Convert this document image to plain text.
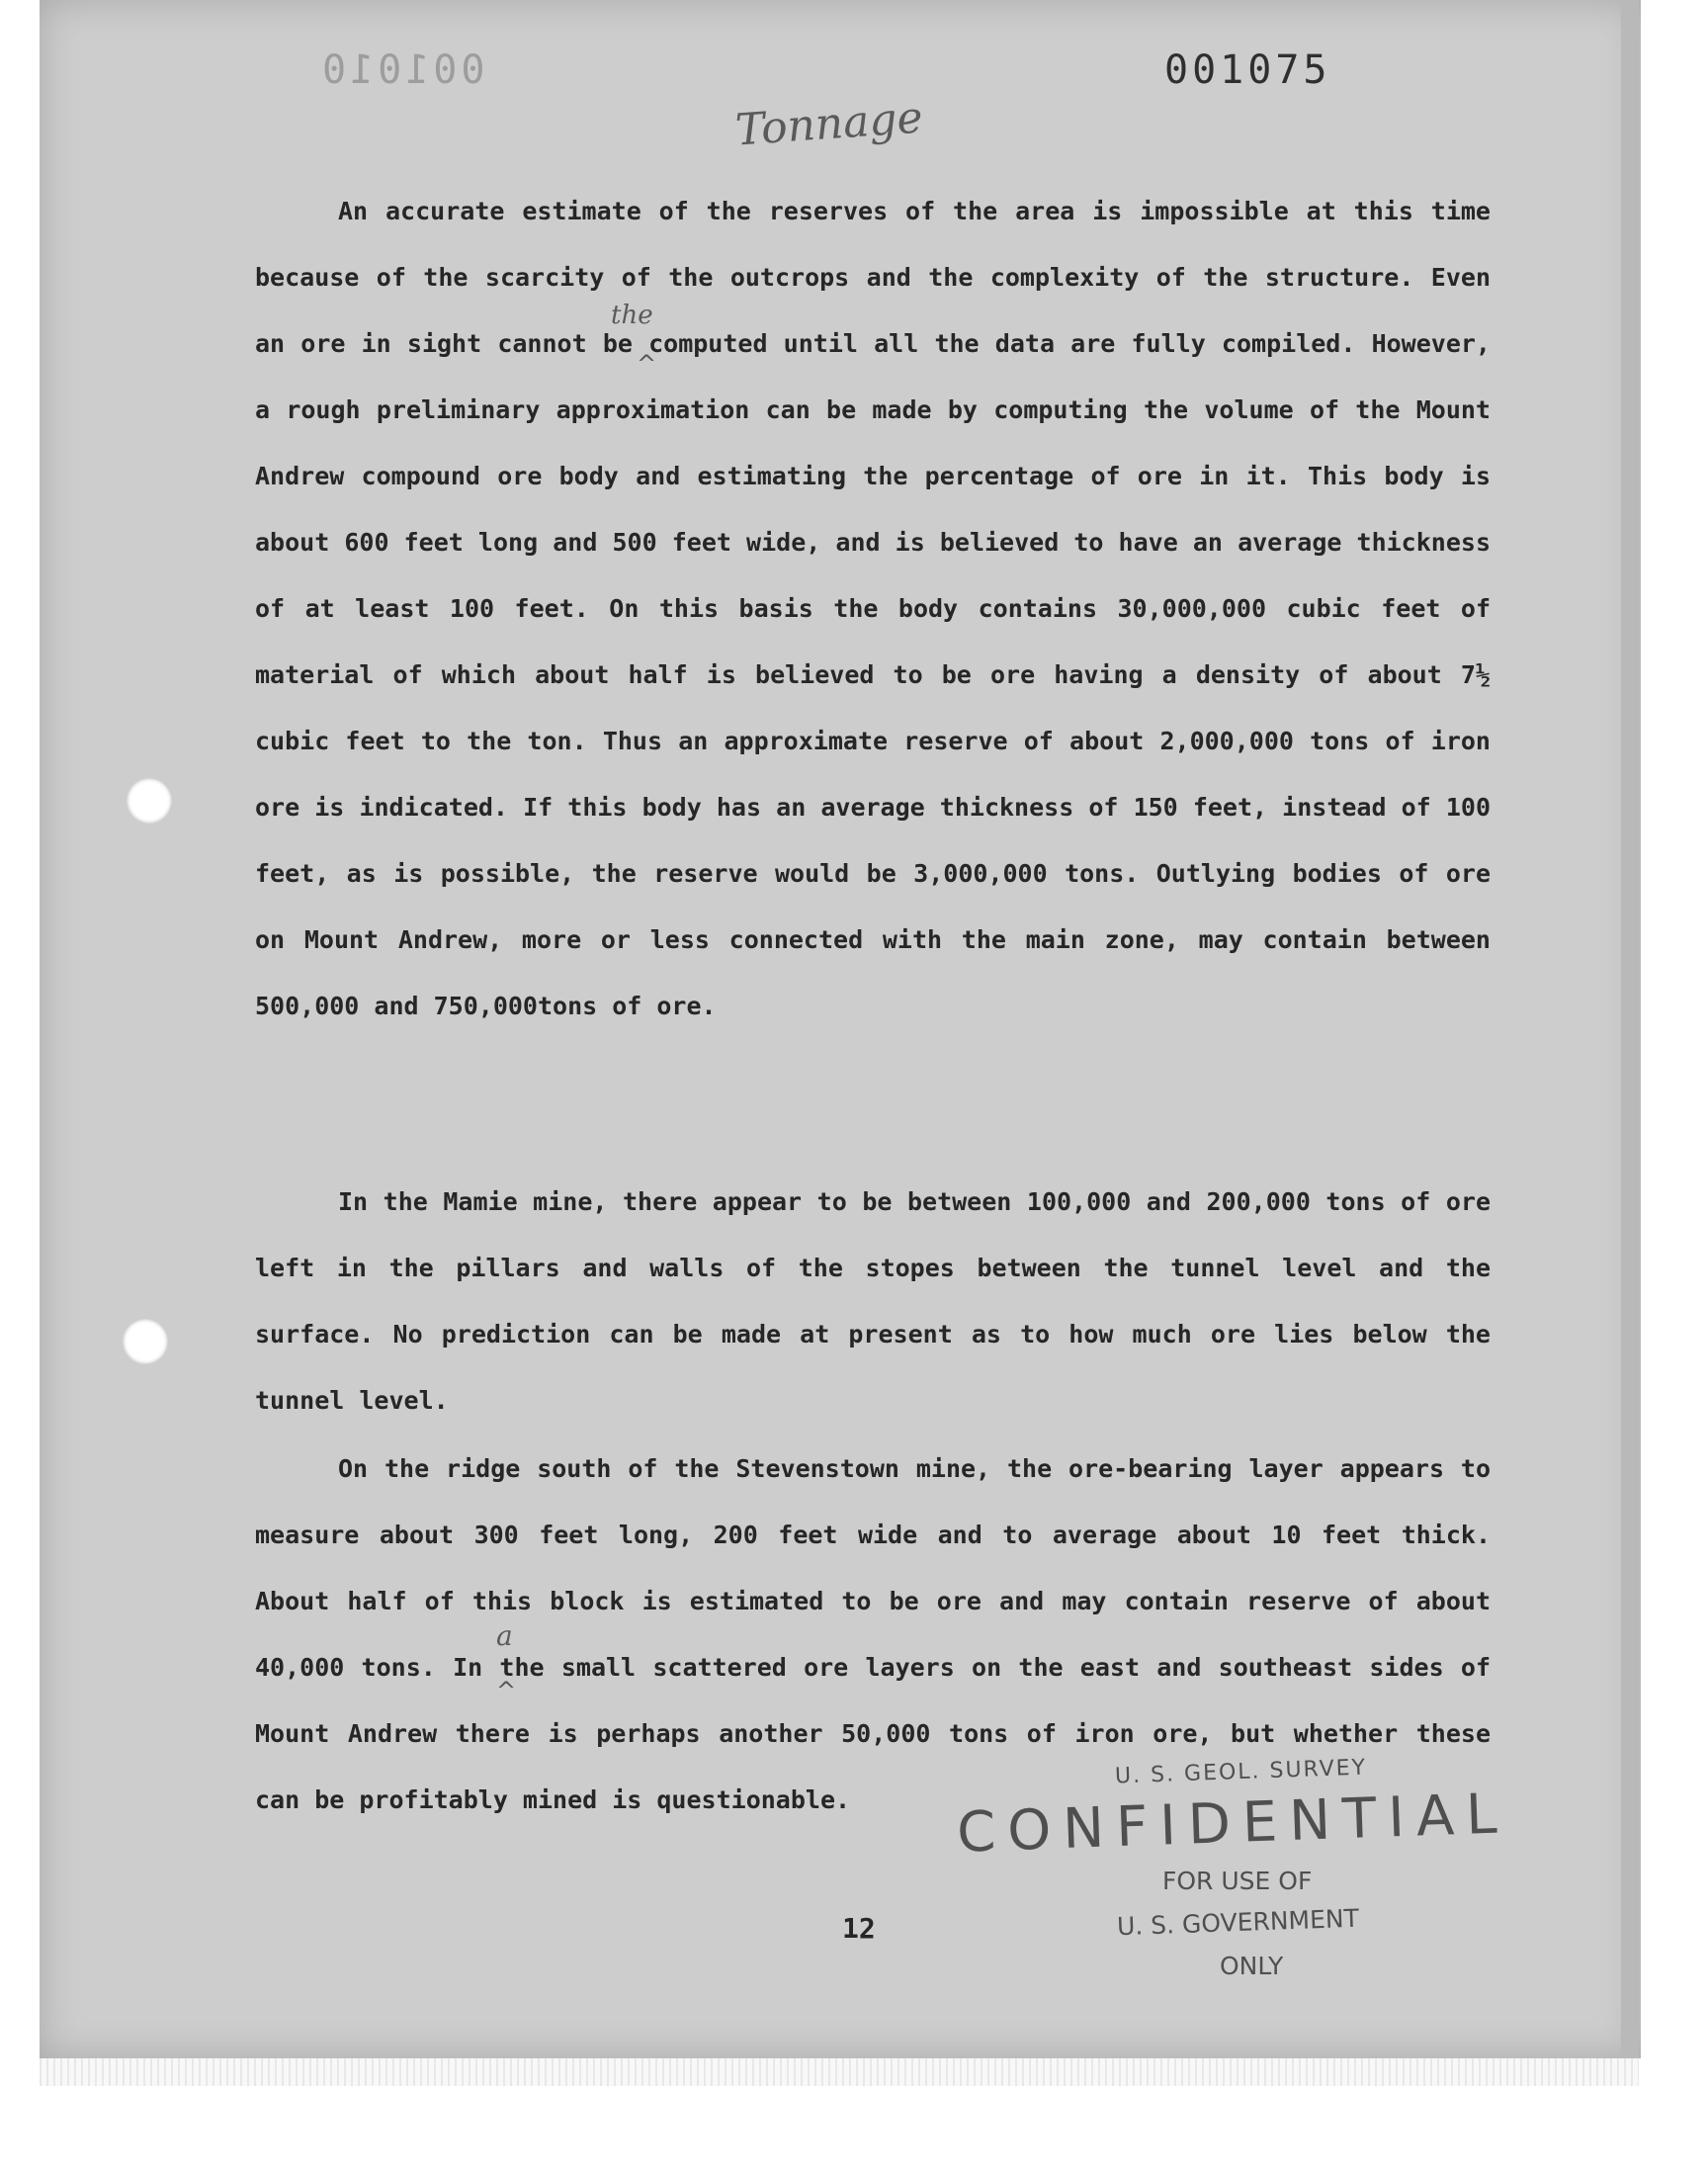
001010	001075
Tonnage
the
^
a
^

An accurate estimate of the reserves of the area is impossible at this time because of the scarcity of the outcrops and the complexity of the structure. Even an ore in sight cannot be computed until all the data are fully compiled. However, a rough preliminary approximation can be made by computing the volume of the Mount Andrew compound ore body and estimating the percentage of ore in it. This body is about 600 feet long and 500 feet wide, and is believed to have an average thickness of at least 100 feet. On this basis the body contains 30,000,000 cubic feet of material of which about half is believed to be ore having a density of about 7½ cubic feet to the ton. Thus an approximate reserve of about 2,000,000 tons of iron ore is indicated. If this body has an average thickness of 150 feet, instead of 100 feet, as is possible, the reserve would be 3,000,000 tons. Outlying bodies of ore on Mount Andrew, more or less connected with the main zone, may contain between 500,000 and 750,000tons of ore.

In the Mamie mine, there appear to be between 100,000 and 200,000 tons of ore left in the pillars and walls of the stopes between the tunnel level and the surface. No prediction can be made at present as to how much ore lies below the tunnel level.

On the ridge south of the Stevenstown mine, the ore-bearing layer appears to measure about 300 feet long, 200 feet wide and to average about 10 feet thick. About half of this block is estimated to be ore and may contain reserve of about 40,000 tons. In the small scattered ore layers on the east and southeast sides of Mount Andrew there is perhaps another 50,000 tons of iron ore, but whether these can be profitably mined is questionable.

12
U. S. GEOL. SURVEY
CONFIDENTIAL
FOR USE OF
U. S. GOVERNMENT
ONLY
